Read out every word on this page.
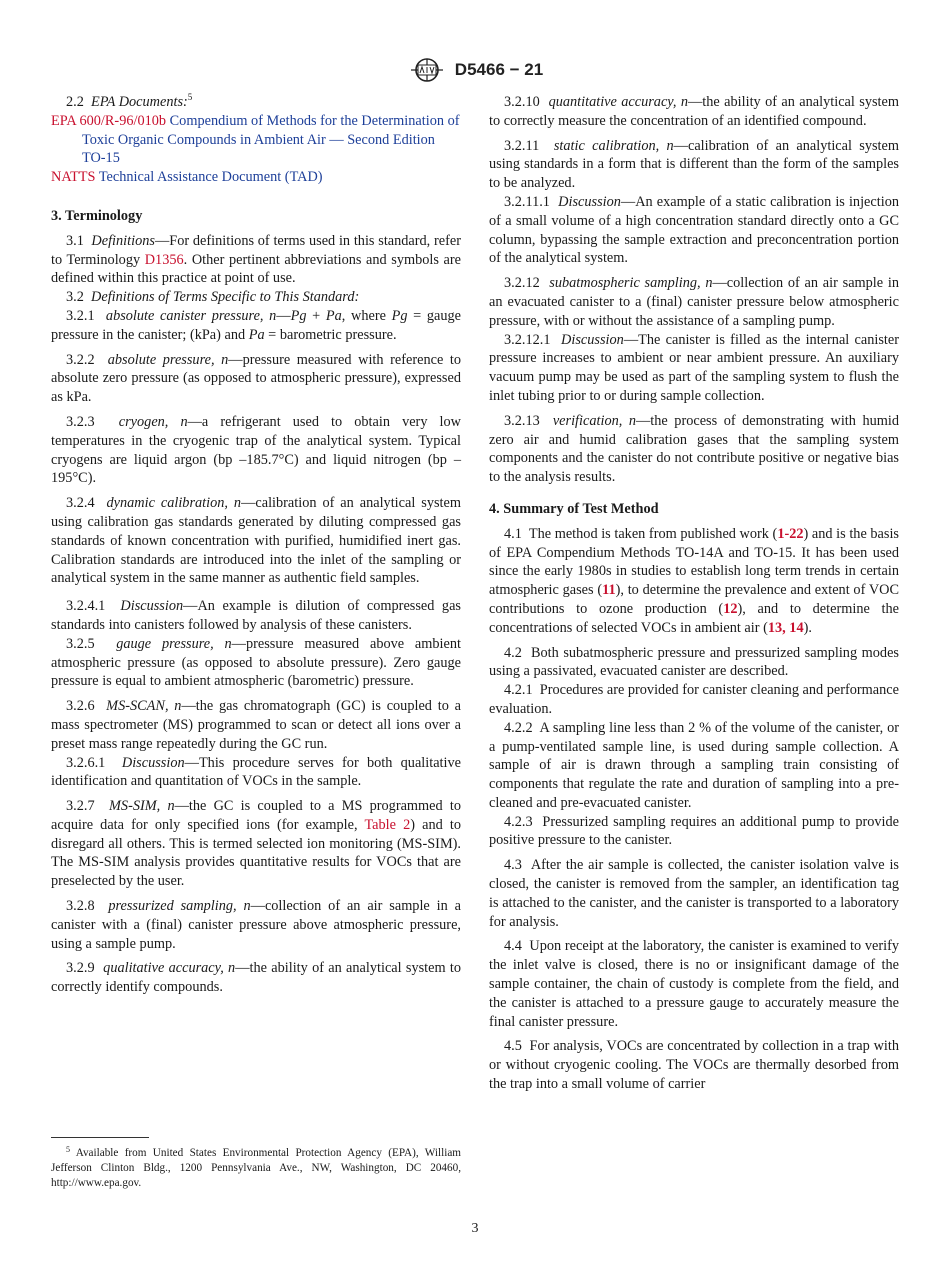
D5466 − 21

2.2 EPA Documents:$^5$

EPA 600/R-96/010b Compendium of Methods for the Determination of Toxic Organic Compounds in Ambient Air — Second Edition TO-15

NATTS Technical Assistance Document (TAD)

3. Terminology

3.1 Definitions—For definitions of terms used in this standard, refer to Terminology D1356. Other pertinent abbreviations and symbols are defined within this practice at point of use.

3.2 Definitions of Terms Specific to This Standard:

3.2.1 absolute canister pressure, n—Pg + Pa, where Pg = gauge pressure in the canister; (kPa) and Pa = barometric pressure.

3.2.2 absolute pressure, n—pressure measured with reference to absolute zero pressure (as opposed to atmospheric pressure), expressed as kPa.

3.2.3 cryogen, n—a refrigerant used to obtain very low temperatures in the cryogenic trap of the analytical system. Typical cryogens are liquid argon (bp –185.7°C) and liquid nitrogen (bp –195°C).

3.2.4 dynamic calibration, n—calibration of an analytical system using calibration gas standards generated by diluting compressed gas standards of known concentration with purified, humidified inert gas. Calibration standards are introduced into the inlet of the sampling or analytical system in the same manner as authentic field samples.

3.2.4.1 Discussion—An example is dilution of compressed gas standards into canisters followed by analysis of these canisters.

3.2.5 gauge pressure, n—pressure measured above ambient atmospheric pressure (as opposed to absolute pressure). Zero gauge pressure is equal to ambient atmospheric (barometric) pressure.

3.2.6 MS-SCAN, n—the gas chromatograph (GC) is coupled to a mass spectrometer (MS) programmed to scan or detect all ions over a preset mass range repeatedly during the GC run.

3.2.6.1 Discussion—This procedure serves for both qualitative identification and quantitation of VOCs in the sample.

3.2.7 MS-SIM, n—the GC is coupled to a MS programmed to acquire data for only specified ions (for example, Table 2) and to disregard all others. This is termed selected ion monitoring (MS-SIM). The MS-SIM analysis provides quantitative results for VOCs that are preselected by the user.

3.2.8 pressurized sampling, n—collection of an air sample in a canister with a (final) canister pressure above atmospheric pressure, using a sample pump.

3.2.9 qualitative accuracy, n—the ability of an analytical system to correctly identify compounds.

$^5$ Available from United States Environmental Protection Agency (EPA), William Jefferson Clinton Bldg., 1200 Pennsylvania Ave., NW, Washington, DC 20460, http://www.epa.gov.

3.2.10 quantitative accuracy, n—the ability of an analytical system to correctly measure the concentration of an identified compound.

3.2.11 static calibration, n—calibration of an analytical system using standards in a form that is different than the form of the samples to be analyzed.

3.2.11.1 Discussion—An example of a static calibration is injection of a small volume of a high concentration standard directly onto a GC column, bypassing the sample extraction and preconcentration portion of the analytical system.

3.2.12 subatmospheric sampling, n—collection of an air sample in an evacuated canister to a (final) canister pressure below atmospheric pressure, with or without the assistance of a sampling pump.

3.2.12.1 Discussion—The canister is filled as the internal canister pressure increases to ambient or near ambient pressure. An auxiliary vacuum pump may be used as part of the sampling system to flush the inlet tubing prior to or during sample collection.

3.2.13 verification, n—the process of demonstrating with humid zero air and humid calibration gases that the sampling system components and the canister do not contribute positive or negative bias to the analysis results.

4. Summary of Test Method

4.1 The method is taken from published work (1-22) and is the basis of EPA Compendium Methods TO-14A and TO-15. It has been used since the early 1980s in studies to establish long term trends in certain atmospheric gases (11), to determine the prevalence and extent of VOC contributions to ozone production (12), and to determine the concentrations of selected VOCs in ambient air (13, 14).

4.2 Both subatmospheric pressure and pressurized sampling modes using a passivated, evacuated canister are described.

4.2.1 Procedures are provided for canister cleaning and performance evaluation.

4.2.2 A sampling line less than 2 % of the volume of the canister, or a pump-ventilated sample line, is used during sample collection. A sample of air is drawn through a sampling train consisting of components that regulate the rate and duration of sampling into a pre-cleaned and pre-evacuated canister.

4.2.3 Pressurized sampling requires an additional pump to provide positive pressure to the canister.

4.3 After the air sample is collected, the canister isolation valve is closed, the canister is removed from the sampler, an identification tag is attached to the canister, and the canister is transported to a laboratory for analysis.

4.4 Upon receipt at the laboratory, the canister is examined to verify the inlet valve is closed, there is no or insignificant damage of the sample container, the chain of custody is complete from the field, and the canister is attached to a pressure gauge to accurately measure the final canister pressure.

4.5 For analysis, VOCs are concentrated by collection in a trap with or without cryogenic cooling. The VOCs are thermally desorbed from the trap into a small volume of carrier

3
